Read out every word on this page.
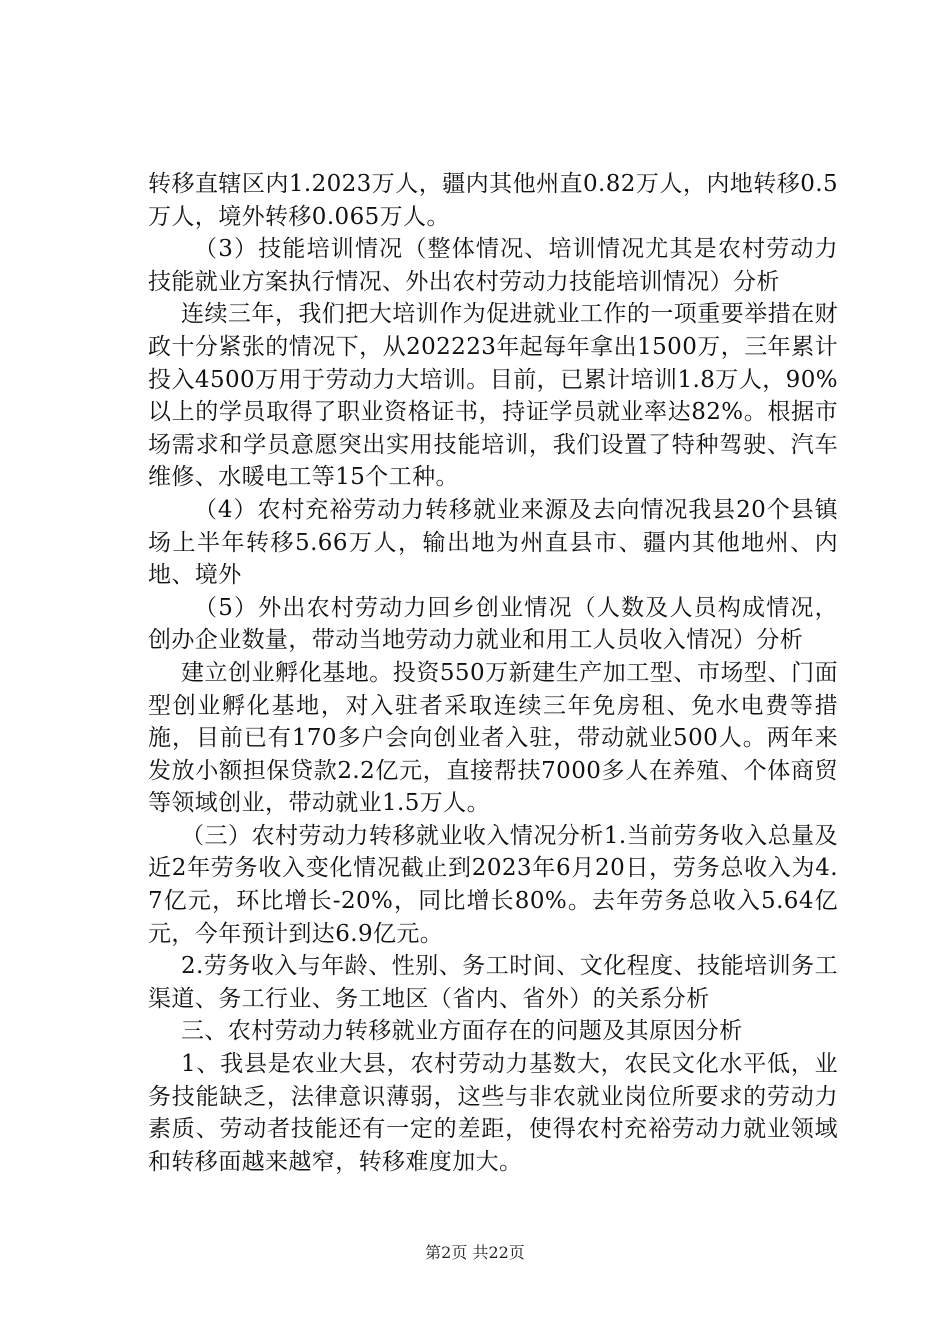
转移直辖区内1.2023万人，疆内其他州直0.82万人，内地转移0.5万人，境外转移0.065万人。

（3）技能培训情况（整体情况、培训情况尤其是农村劳动力技能就业方案执行情况、外出农村劳动力技能培训情况）分析

连续三年，我们把大培训作为促进就业工作的一项重要举措在财政十分紧张的情况下，从202223年起每年拿出1500万，三年累计投入4500万用于劳动力大培训。目前，已累计培训1.8万人，90%以上的学员取得了职业资格证书，持证学员就业率达82%。根据市场需求和学员意愿突出实用技能培训，我们设置了特种驾驶、汽车维修、水暖电工等15个工种。

（4）农村充裕劳动力转移就业来源及去向情况我县20个县镇场上半年转移5.66万人，输出地为州直县市、疆内其他地州、内地、境外

（5）外出农村劳动力回乡创业情况（人数及人员构成情况，创办企业数量，带动当地劳动力就业和用工人员收入情况）分析

建立创业孵化基地。投资550万新建生产加工型、市场型、门面型创业孵化基地，对入驻者采取连续三年免房租、免水电费等措施，目前已有170多户会向创业者入驻，带动就业500人。两年来发放小额担保贷款2.2亿元，直接帮扶7000多人在养殖、个体商贸等领域创业，带动就业1.5万人。

（三）农村劳动力转移就业收入情况分析1.当前劳务收入总量及近2年劳务收入变化情况截止到2023年6月20日，劳务总收入为4.7亿元，环比增长-20%，同比增长80%。去年劳务总收入5.64亿元，今年预计到达6.9亿元。

2.劳务收入与年龄、性别、务工时间、文化程度、技能培训务工渠道、务工行业、务工地区（省内、省外）的关系分析

三、农村劳动力转移就业方面存在的问题及其原因分析

1、我县是农业大县，农村劳动力基数大，农民文化水平低，业务技能缺乏，法律意识薄弱，这些与非农就业岗位所要求的劳动力素质、劳动者技能还有一定的差距，使得农村充裕劳动力就业领域和转移面越来越窄，转移难度加大。

第2页 共22页
